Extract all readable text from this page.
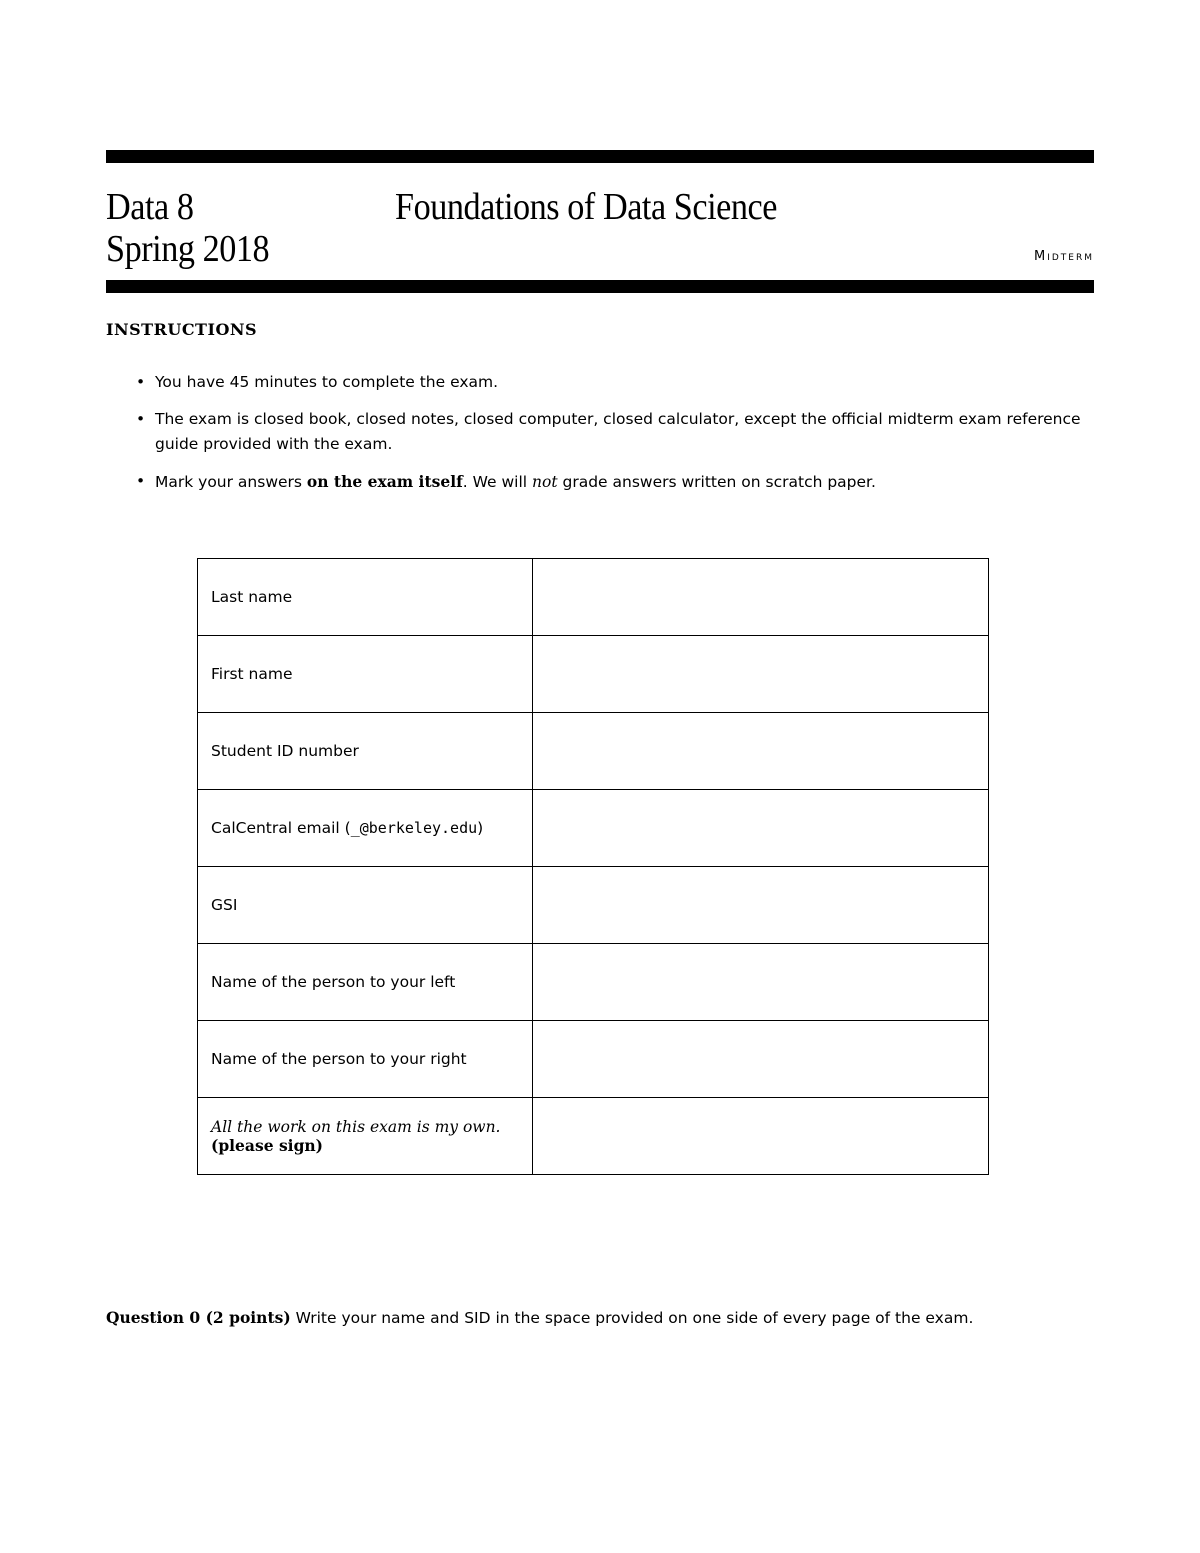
Data 8
Spring 2018
Foundations of Data Science
Midterm
INSTRUCTIONS
• You have 45 minutes to complete the exam.
• The exam is closed book, closed notes, closed computer, closed calculator, except the official midterm exam reference guide provided with the exam.
• Mark your answers on the exam itself. We will not grade answers written on scratch paper.
Last name	
First name	
Student ID number	
CalCentral email (_@berkeley.edu)	
GSI	
Name of the person to your left	
Name of the person to your right	

All the work on this exam is my own.
(please sign)	

Question 0 (2 points) Write your name and SID in the space provided on one side of every page of the exam.
